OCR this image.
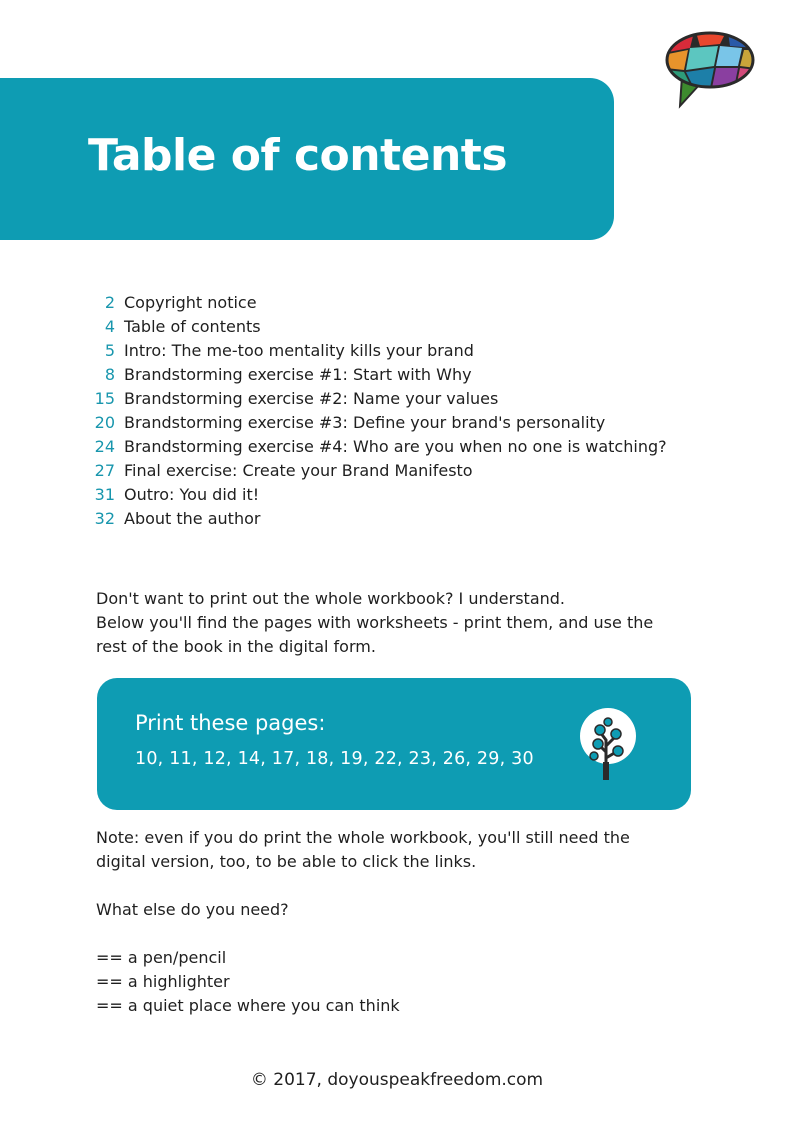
Table of contents
2 Copyright notice
4 Table of contents
5 Intro: The me-too mentality kills your brand
8 Brandstorming exercise #1: Start with Why
15 Brandstorming exercise #2: Name your values
20 Brandstorming exercise #3: Define your brand's personality
24 Brandstorming exercise #4: Who are you when no one is watching?
27 Final exercise: Create your Brand Manifesto
31 Outro: You did it!
32 About the author
Don't want to print out the whole workbook? I understand.
Below you'll find the pages with worksheets - print them, and use the
rest of the book in the digital form.

Print these pages:

10, 11, 12, 14, 17, 18, 19, 22, 23, 26, 29, 30

Note: even if you do print the whole workbook, you'll still need the
digital version, too, to be able to click the links.
What else do you need?
== a pen/pencil
== a highlighter
== a quiet place where you can think

© 2017, doyouspeakfreedom.com
